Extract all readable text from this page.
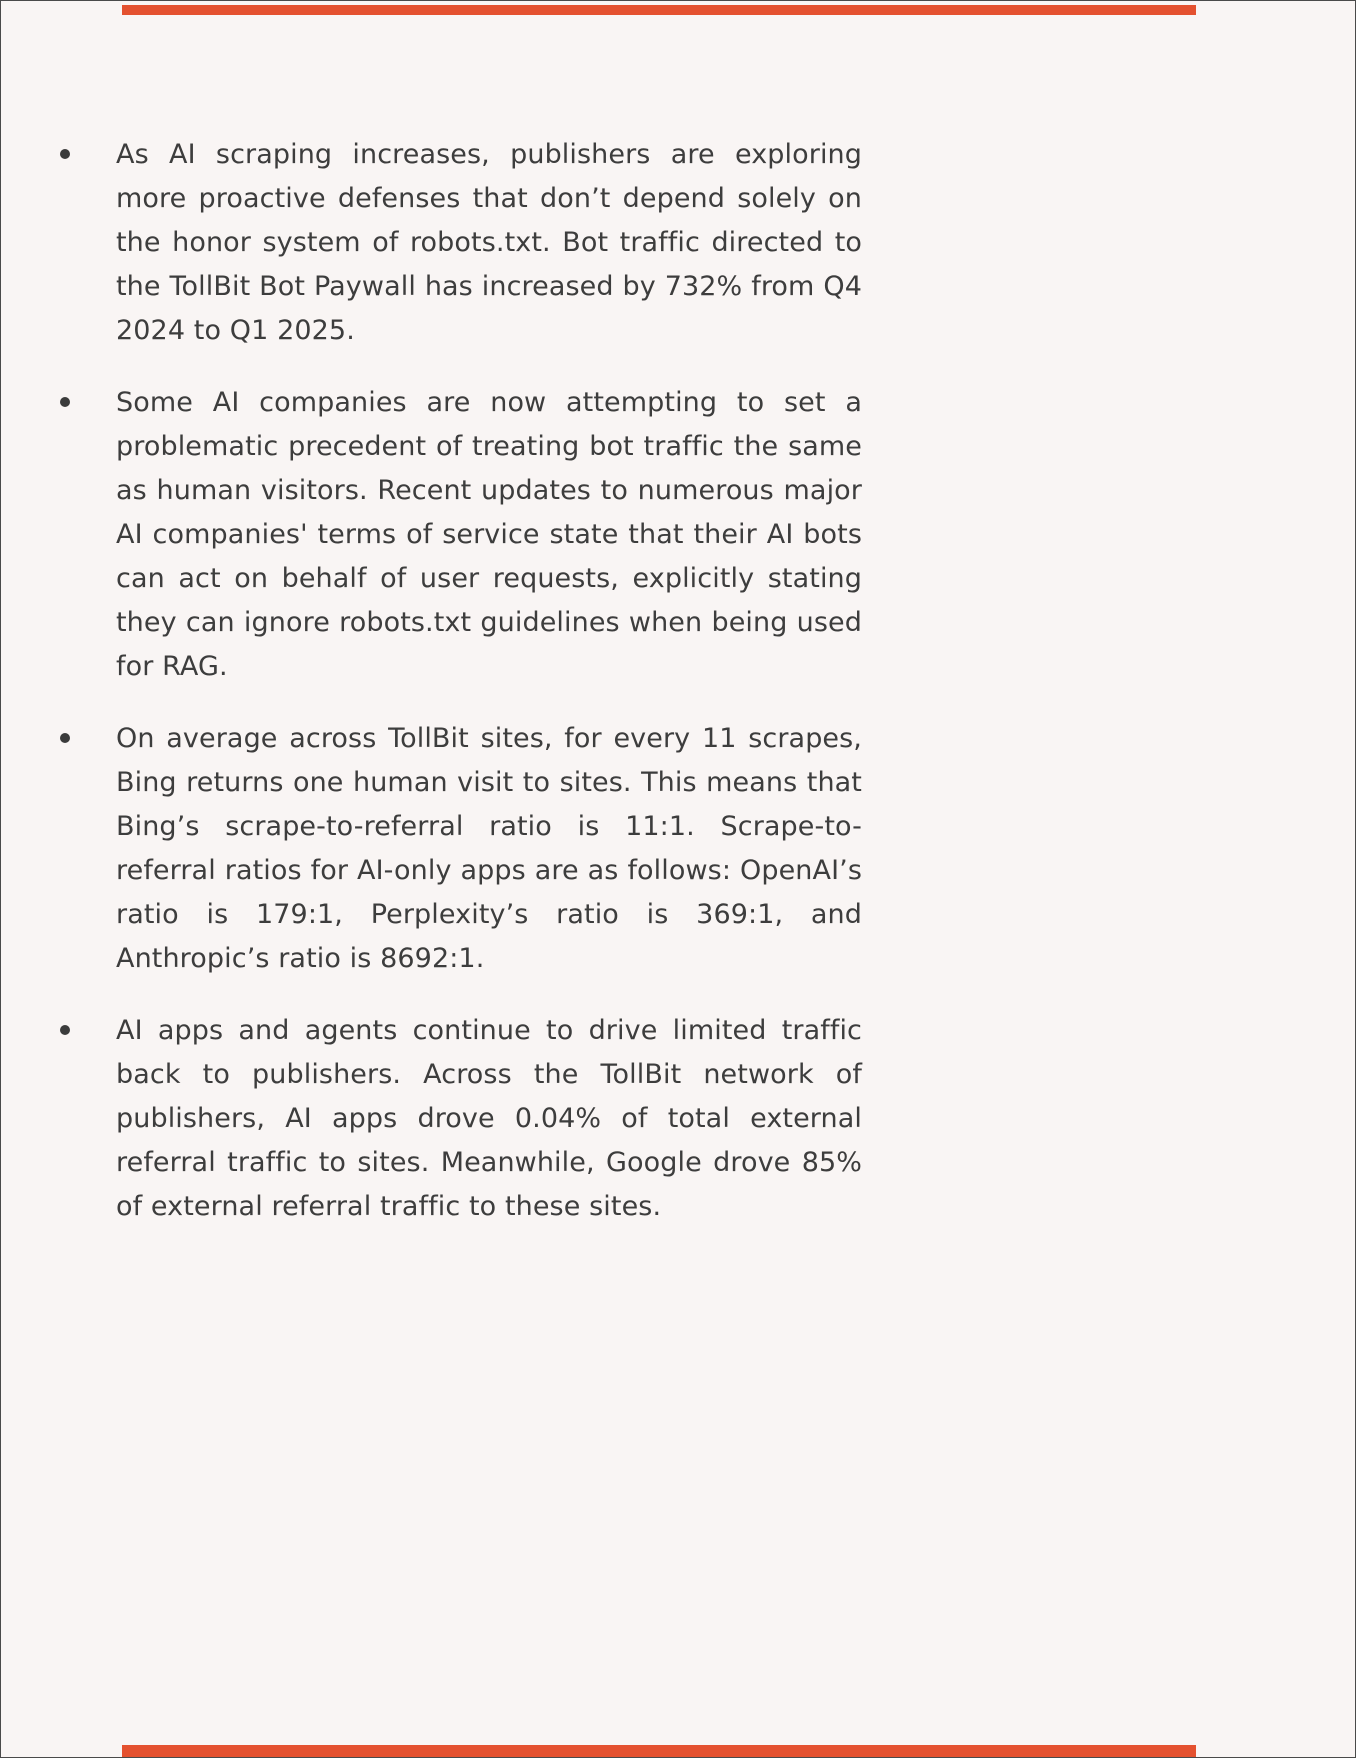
As AI scraping increases, publishers are exploring more proactive defenses that don’t depend solely on the honor system of robots.txt. Bot traffic directed to the TollBit Bot Paywall has increased by 732% from Q4 2024 to Q1 2025.
Some AI companies are now attempting to set a problematic precedent of treating bot traffic the same as human visitors. Recent updates to numerous major AI companies' terms of service state that their AI bots can act on behalf of user requests, explicitly stating they can ignore robots.txt guidelines when being used for RAG.
On average across TollBit sites, for every 11 scrapes, Bing returns one human visit to sites. This means that Bing’s scrape-to-referral ratio is 11:1. Scrape-to-referral ratios for AI-only apps are as follows: OpenAI’s ratio is 179:1, Perplexity’s ratio is 369:1, and Anthropic’s ratio is 8692:1.
AI apps and agents continue to drive limited traffic back to publishers. Across the TollBit network of publishers, AI apps drove 0.04% of total external referral traffic to sites. Meanwhile, Google drove 85% of external referral traffic to these sites.
